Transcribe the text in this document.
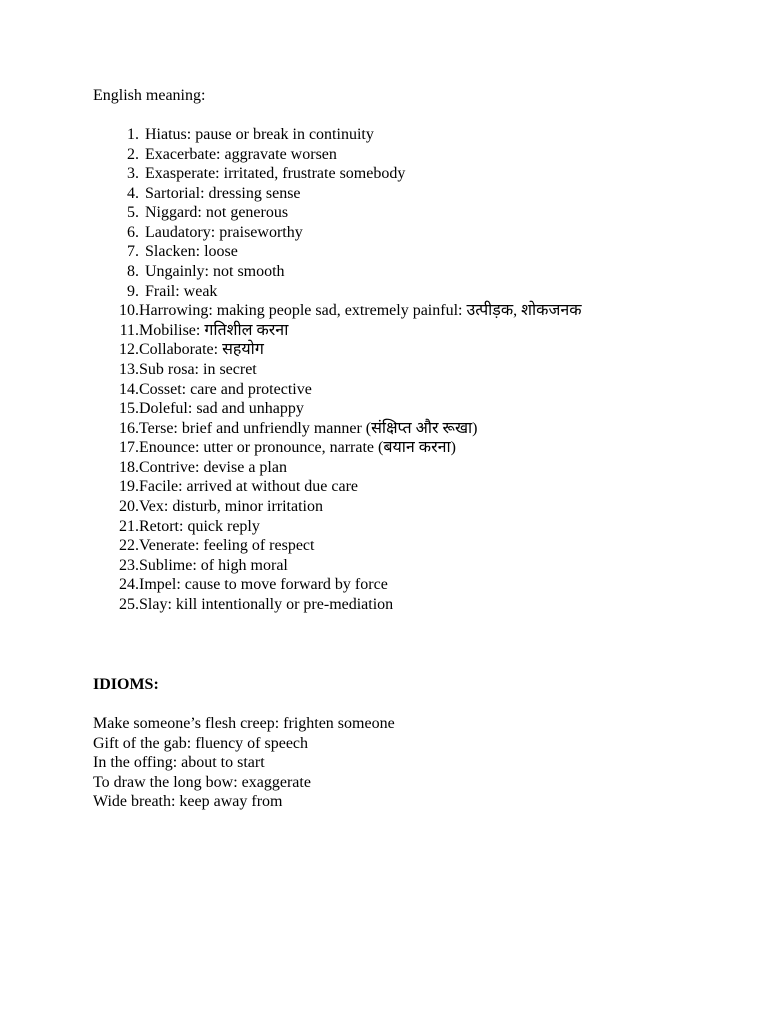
English meaning:
1. Hiatus: pause or break in continuity
2. Exacerbate: aggravate worsen
3. Exasperate: irritated, frustrate somebody
4. Sartorial: dressing sense
5. Niggard: not generous
6. Laudatory: praiseworthy
7. Slacken: loose
8. Ungainly: not smooth
9. Frail: weak
10.Harrowing: making people sad, extremely painful: उत्पीड़क, शोकजनक
11.Mobilise: गतिशील करना
12.Collaborate: सहयोग
13.Sub rosa: in secret
14.Cosset: care and protective
15.Doleful: sad and unhappy
16.Terse: brief and unfriendly manner (संक्षिप्त और रूखा)
17.Enounce: utter or pronounce, narrate (बयान करना)
18.Contrive: devise a plan
19.Facile: arrived at without due care
20.Vex: disturb, minor irritation
21.Retort: quick reply
22.Venerate: feeling of respect
23.Sublime: of high moral
24.Impel: cause to move forward by force
25.Slay: kill intentionally or pre-mediation
IDIOMS:
Make someone’s flesh creep: frighten someone
Gift of the gab: fluency of speech
In the offing: about to start
To draw the long bow: exaggerate
Wide breath: keep away from
